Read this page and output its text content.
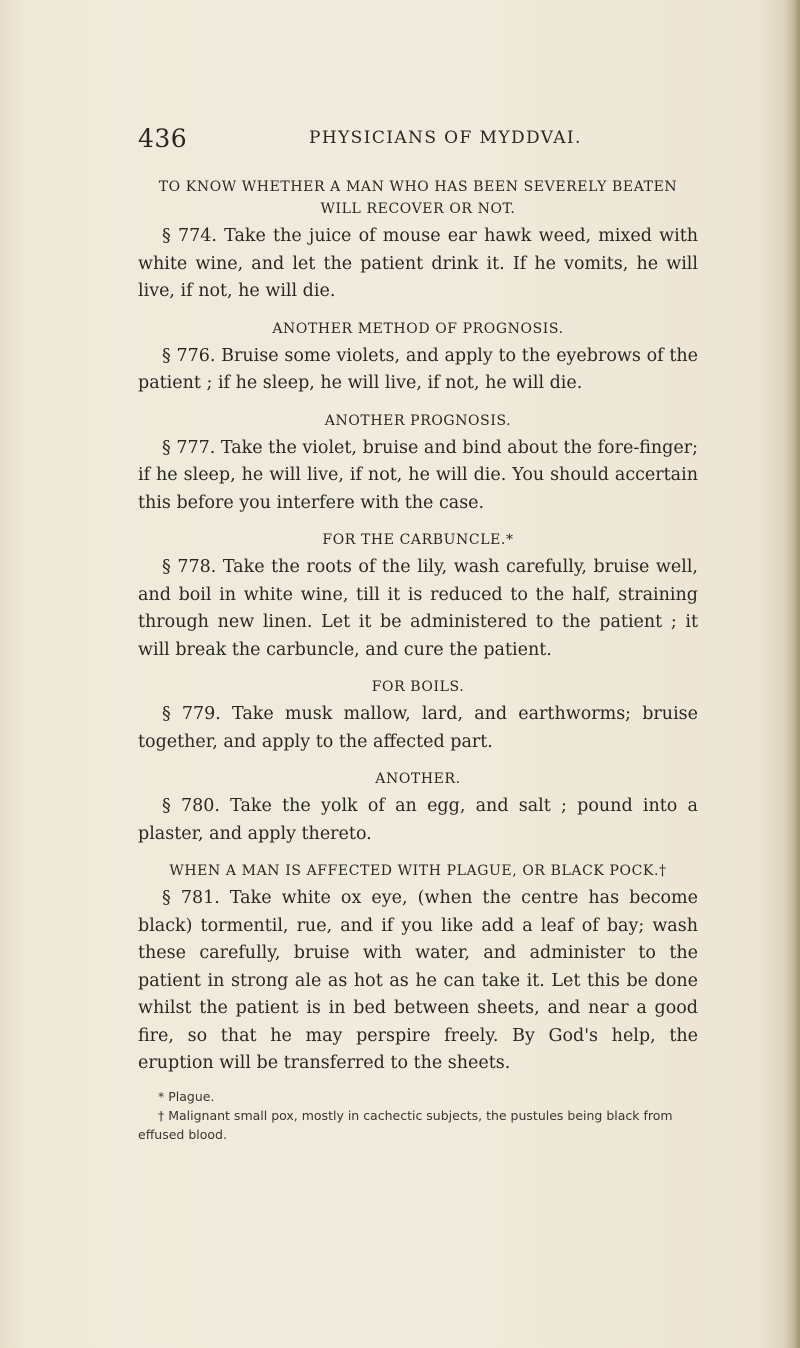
436	PHYSICIANS OF MYDDVAI.

TO KNOW WHETHER A MAN WHO HAS BEEN SEVERELY BEATEN WILL RECOVER OR NOT.

§ 774. Take the juice of mouse ear hawk weed, mixed with white wine, and let the patient drink it. If he vomits, he will live, if not, he will die.

ANOTHER METHOD OF PROGNOSIS.

§ 776. Bruise some violets, and apply to the eyebrows of the patient ; if he sleep, he will live, if not, he will die.

ANOTHER PROGNOSIS.

§ 777. Take the violet, bruise and bind about the fore-finger; if he sleep, he will live, if not, he will die. You should accertain this before you interfere with the case.

FOR THE CARBUNCLE.*

§ 778. Take the roots of the lily, wash carefully, bruise well, and boil in white wine, till it is reduced to the half, straining through new linen. Let it be administered to the patient ; it will break the carbuncle, and cure the patient.

FOR BOILS.

§ 779. Take musk mallow, lard, and earthworms; bruise together, and apply to the affected part.

ANOTHER.

§ 780. Take the yolk of an egg, and salt ; pound into a plaster, and apply thereto.

WHEN A MAN IS AFFECTED WITH PLAGUE, OR BLACK POCK.†

§ 781. Take white ox eye, (when the centre has become black) tormentil, rue, and if you like add a leaf of bay; wash these carefully, bruise with water, and administer to the patient in strong ale as hot as he can take it. Let this be done whilst the patient is in bed between sheets, and near a good fire, so that he may perspire freely. By God's help, the eruption will be transferred to the sheets.

* Plague.

† Malignant small pox, mostly in cachectic subjects, the pustules being black from effused blood.
